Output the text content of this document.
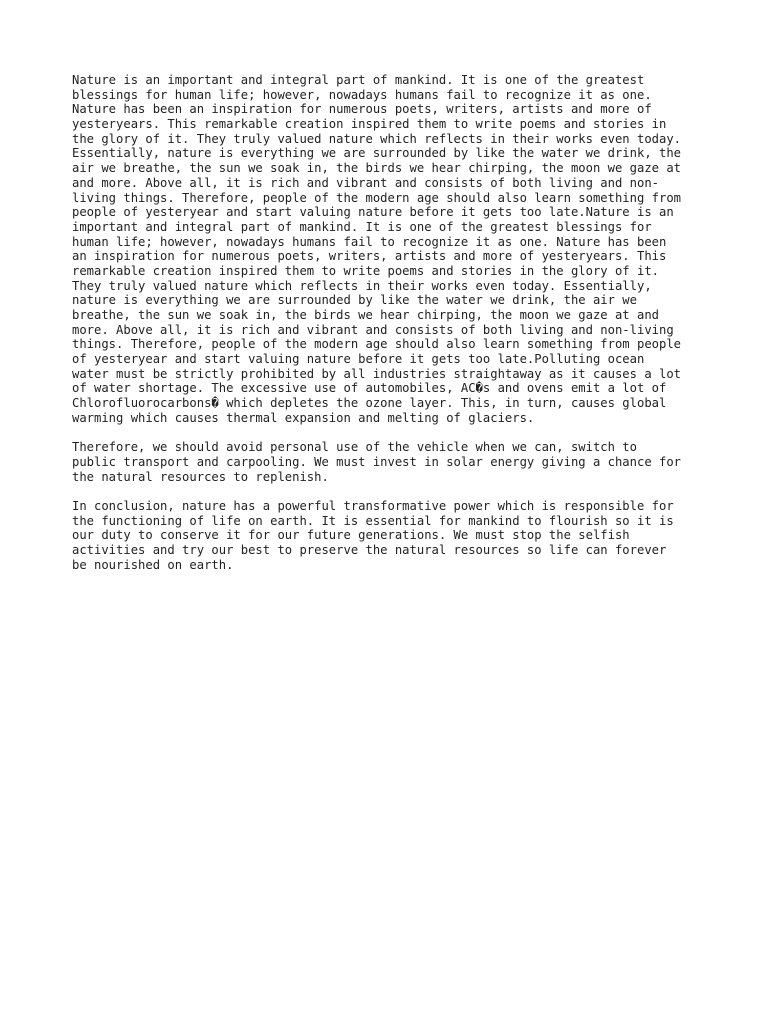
Nature is an important and integral part of mankind. It is one of the greatest
blessings for human life; however, nowadays humans fail to recognize it as one.
Nature has been an inspiration for numerous poets, writers, artists and more of
yesteryears. This remarkable creation inspired them to write poems and stories in
the glory of it. They truly valued nature which reflects in their works even today.
Essentially, nature is everything we are surrounded by like the water we drink, the
air we breathe, the sun we soak in, the birds we hear chirping, the moon we gaze at
and more. Above all, it is rich and vibrant and consists of both living and non-
living things. Therefore, people of the modern age should also learn something from
people of yesteryear and start valuing nature before it gets too late.Nature is an
important and integral part of mankind. It is one of the greatest blessings for
human life; however, nowadays humans fail to recognize it as one. Nature has been
an inspiration for numerous poets, writers, artists and more of yesteryears. This
remarkable creation inspired them to write poems and stories in the glory of it.
They truly valued nature which reflects in their works even today. Essentially,
nature is everything we are surrounded by like the water we drink, the air we
breathe, the sun we soak in, the birds we hear chirping, the moon we gaze at and
more. Above all, it is rich and vibrant and consists of both living and non-living
things. Therefore, people of the modern age should also learn something from people
of yesteryear and start valuing nature before it gets too late.Polluting ocean
water must be strictly prohibited by all industries straightaway as it causes a lot
of water shortage. The excessive use of automobiles, AC�s and ovens emit a lot of
Chlorofluorocarbons� which depletes the ozone layer. This, in turn, causes global
warming which causes thermal expansion and melting of glaciers.
Therefore, we should avoid personal use of the vehicle when we can, switch to
public transport and carpooling. We must invest in solar energy giving a chance for
the natural resources to replenish.
In conclusion, nature has a powerful transformative power which is responsible for
the functioning of life on earth. It is essential for mankind to flourish so it is
our duty to conserve it for our future generations. We must stop the selfish
activities and try our best to preserve the natural resources so life can forever
be nourished on earth.
